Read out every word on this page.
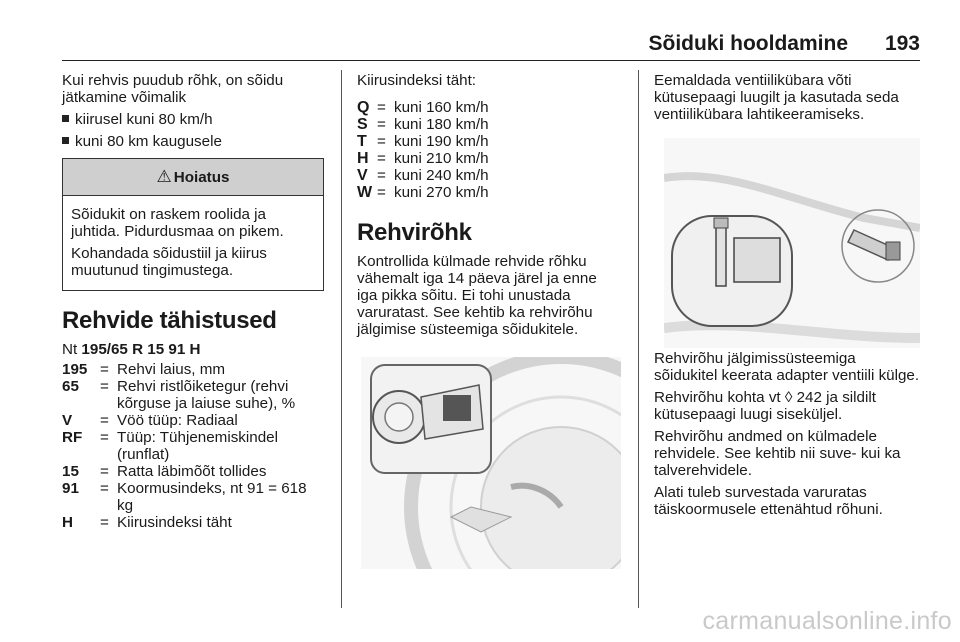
Sõiduki hooldamine 193

Kui rehvis puudub rõhk, on sõidu jätkamine võimalik

kiirusel kuni 80 km/h
kuni 80 km kaugusele
⚠ Hoiatus

Sõidukit on raskem roolida ja juhtida. Pidurdusmaa on pikem.

Kohandada sõidustiil ja kiirus muutunud tingimustega.

Rehvide tähistused

Nt 195/65 R 15 91 H

195 = Rehvi laius, mm
65	= Rehvi ristlõiketegur (rehvi kõrguse ja laiuse suhe), %
V	= Vöö tüüp: Radiaal
RF	= Tüüp: Tühjenemiskindel (runflat)
15	= Ratta läbimõõt tollides
91	= Koormusindeks, nt 91 = 618 kg
H	= Kiirusindeksi täht

Kiirusindeksi täht:

Q = kuni 160 km/h
S = kuni 180 km/h
T = kuni 190 km/h
H = kuni 210 km/h
V = kuni 240 km/h
W = kuni 270 km/h
Rehvirõhk

Kontrollida külmade rehvide rõhku vähemalt iga 14 päeva järel ja enne iga pikka sõitu. Ei tohi unustada varuratast. See kehtib ka rehvirõhu jälgimise süsteemiga sõidukitele.

Eemaldada ventiilikübara võti kütusepaagi luugilt ja kasutada seda ventiilikübara lahtikeeramiseks.

Rehvirõhu jälgimissüsteemiga sõidukitel keerata adapter ventiili külge.

Rehvirõhu kohta vt ◊ 242 ja sildilt kütusepaagi luugi siseküljel.

Rehvirõhu andmed on külmadele rehvidele. See kehtib nii suve- kui ka talverehvidele.

Alati tuleb survestada varuratas täiskoormusele ettenähtud rõhuni.

carmanualsonline.info
